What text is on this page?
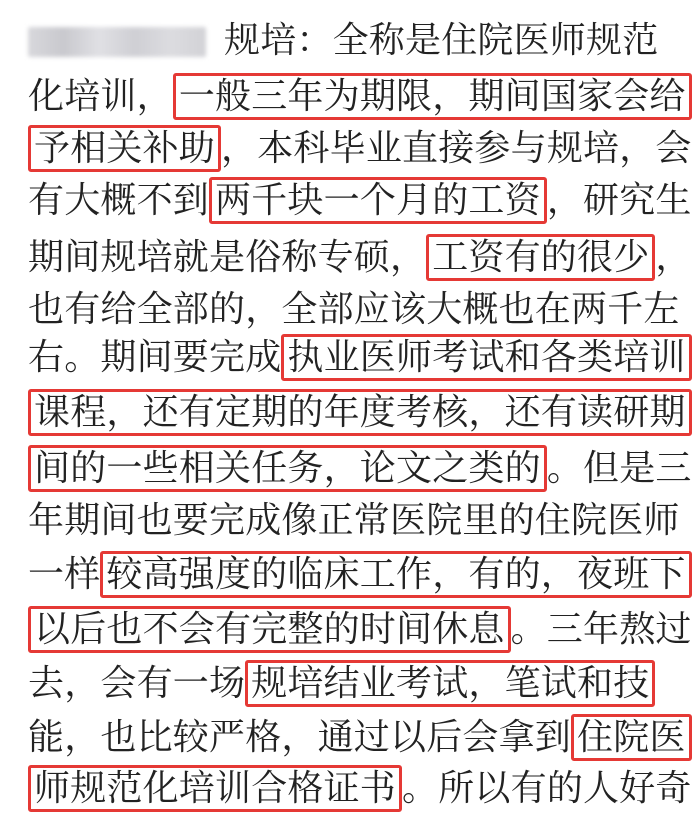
规培：全称是住院医师规范
化培训， 一般三年为期限，期间国家会给
予相关补助 ，本科毕业直接参与规培，会
有大概不到 两千块一个月的工资 ，研究生
期间规培就是俗称专硕， 工资有的很少 ，
也有给全部的，全部应该大概也在两千左
右。期间要完成 执业医师考试和各类培训
课程，还有定期的年度考核，还有读研期
间的一些相关任务，论文之类的 。但是三
年期间也要完成像正常医院里的住院医师
一样 较高强度的临床工作，有的，夜班下
以后也不会有完整的时间休息 。三年熬过
去，会有一场 规培结业考试，笔试和技
能，也比较严格，通过以后会拿到 住院医
师规范化培训合格证书 。所以有的人好奇
